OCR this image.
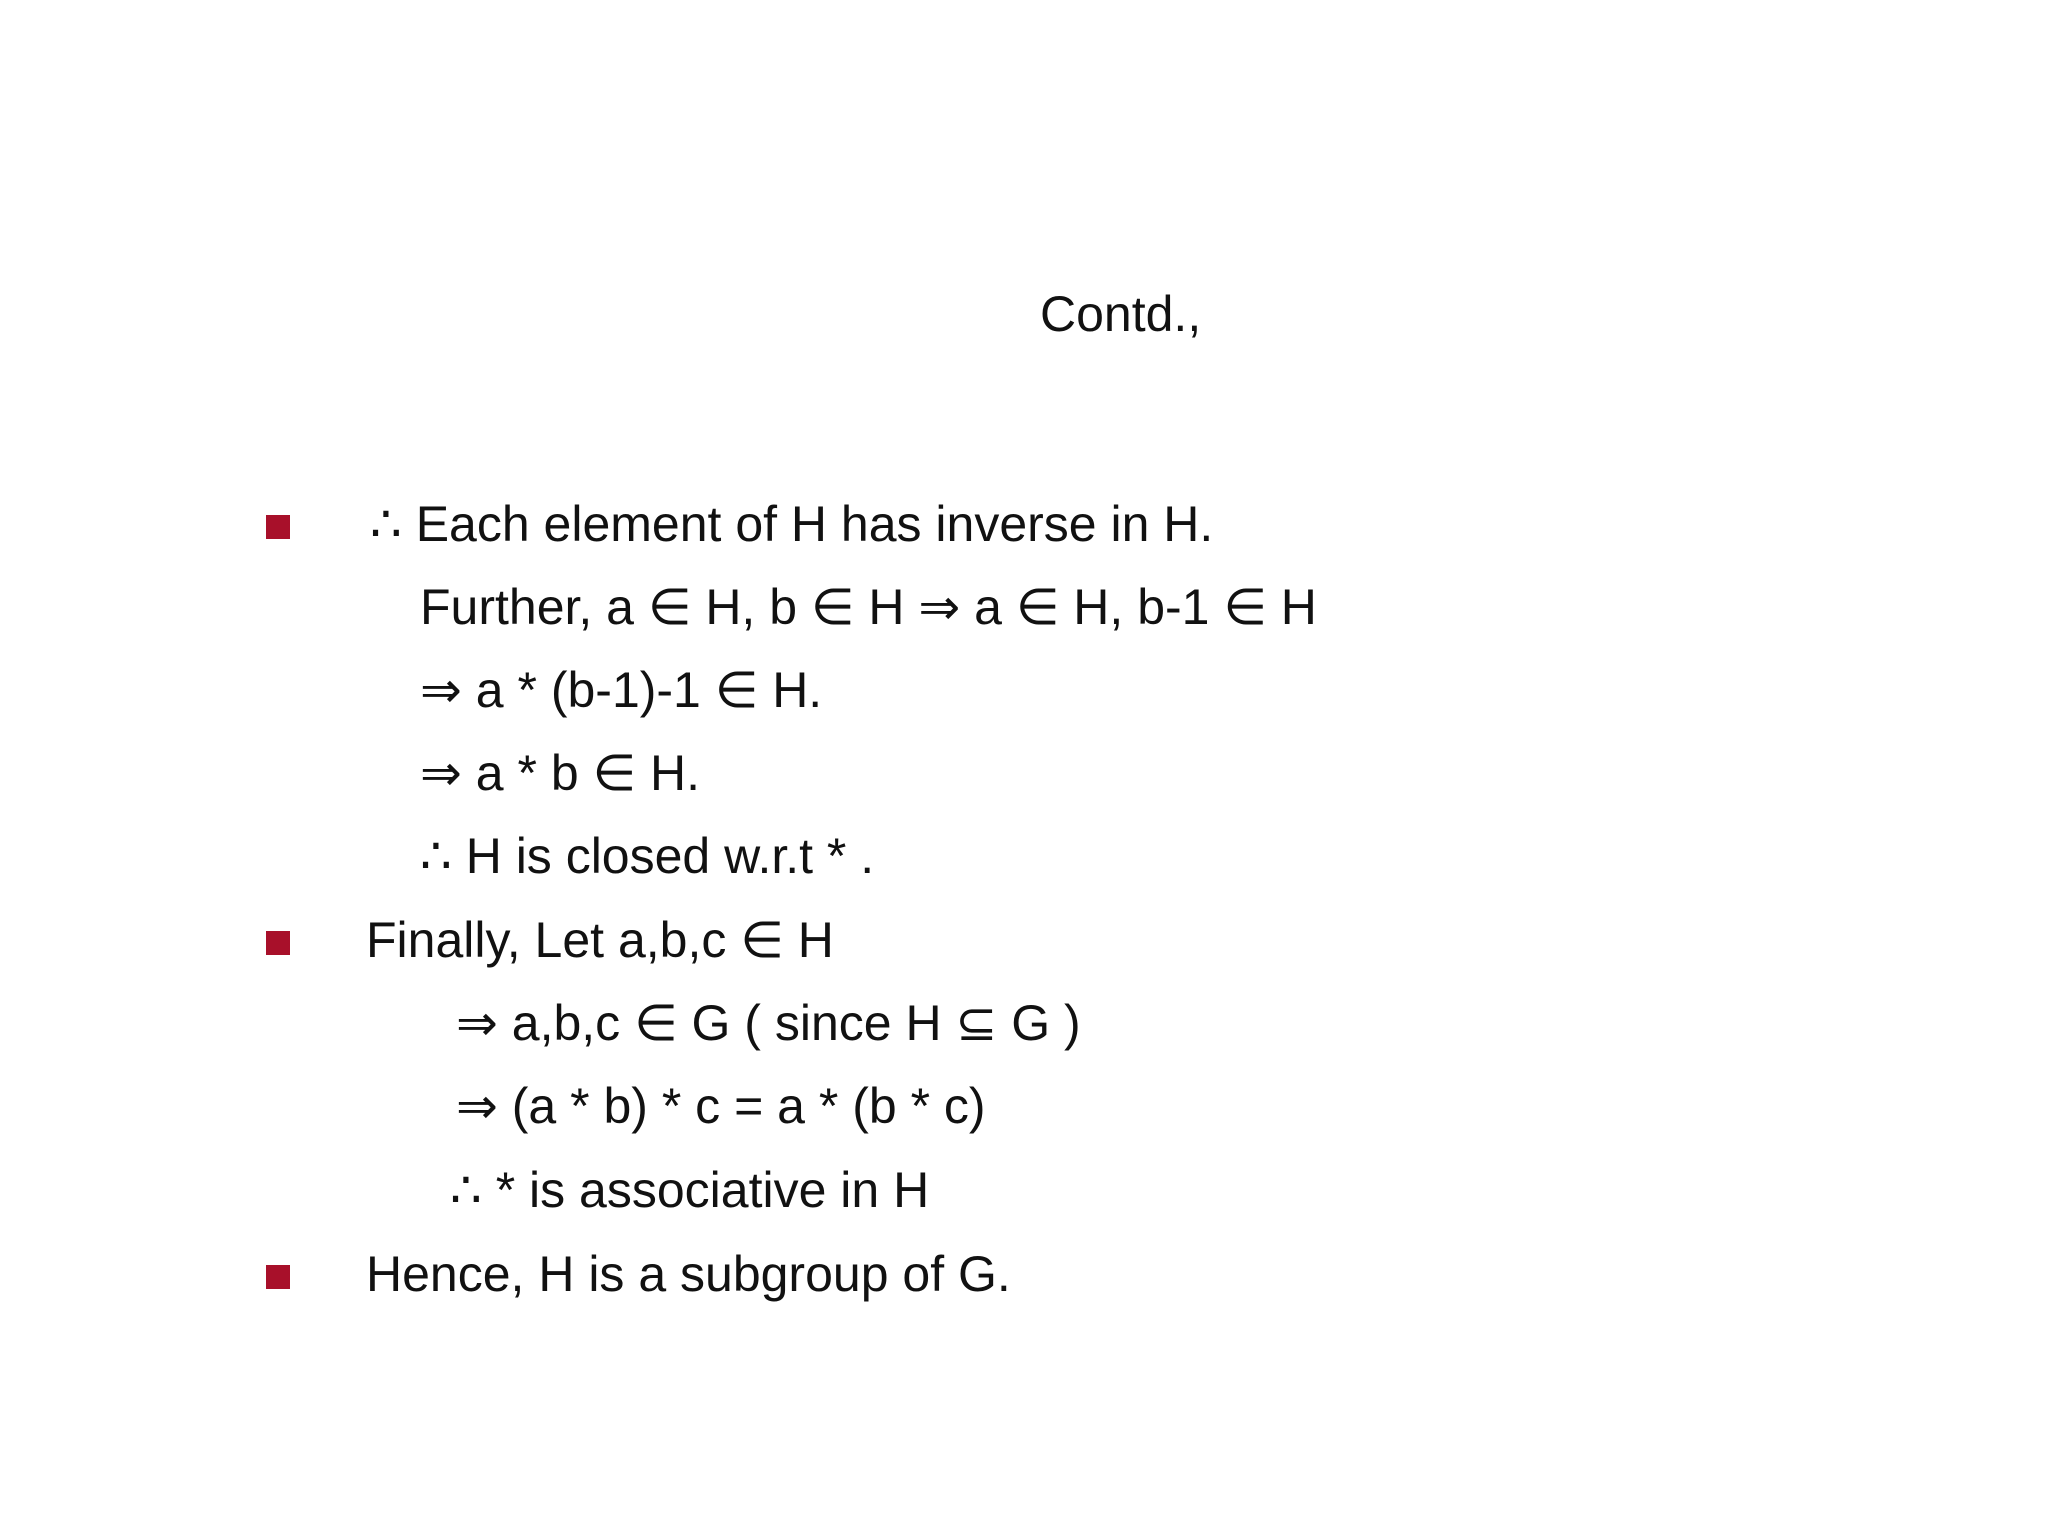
Contd.,
∴ Each element of H has inverse in H.
Further, a ∈ H, b ∈ H ⇒ a ∈ H, b-1 ∈ H
⇒ a * (b-1)-1 ∈ H.
⇒ a * b ∈ H.
∴ H is closed w.r.t * .
Finally, Let a,b,c ∈ H
⇒ a,b,c ∈ G ( since H ⊆ G )
⇒ (a * b) * c = a * (b * c)
∴ * is associative in H
Hence, H is a subgroup of G.
